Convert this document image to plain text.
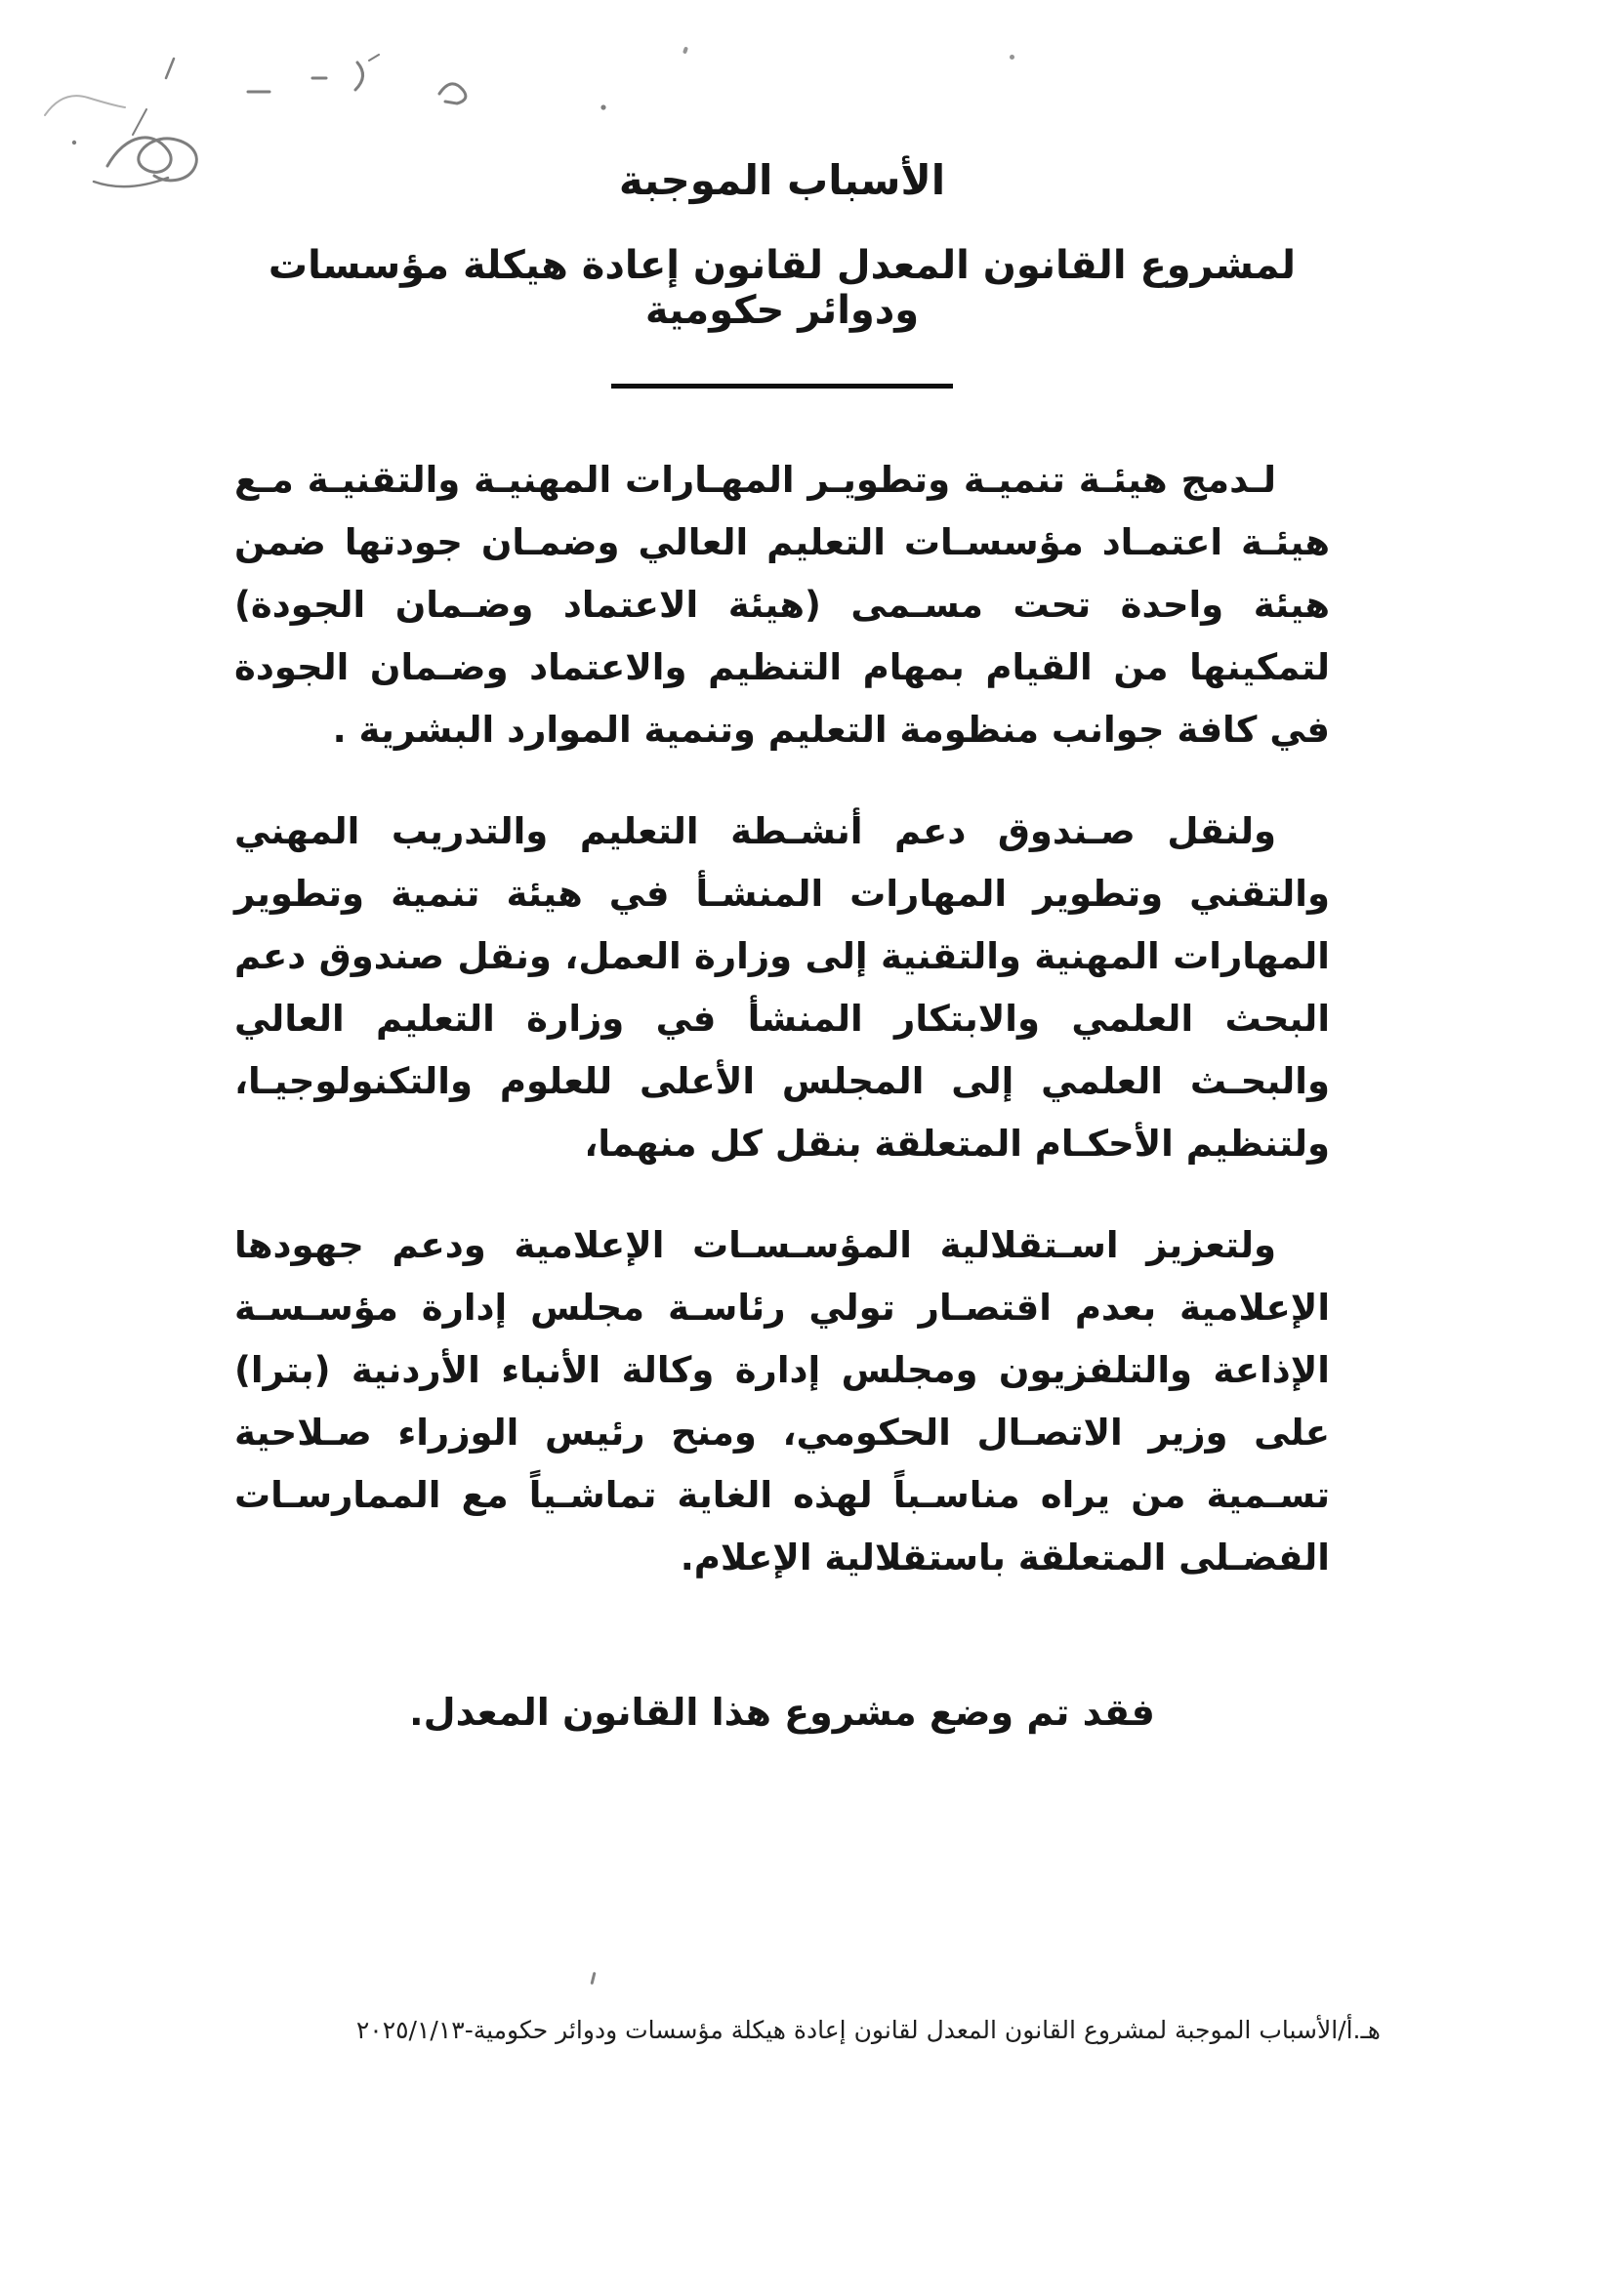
الأسباب الموجبة
لمشروع القانون المعدل لقانون إعادة هيكلة مؤسسات ودوائر حكومية

لـدمج هيئـة تنميـة وتطويـر المهـارات المهنيـة والتقنيـة مـع هيئـة اعتمـاد مؤسسـات التعليم العالي وضمـان جودتها ضمن هيئة واحدة تحت مسـمى (هيئة الاعتماد وضـمان الجودة) لتمكينها من القيام بمهام التنظيم والاعتماد وضـمان الجودة في كافة جوانب منظومة التعليم وتنمية الموارد البشرية .

ولنقل صـندوق دعم أنشـطة التعليم والتدريب المهني والتقني وتطوير المهارات المنشـأ في هيئة تنمية وتطوير المهارات المهنية والتقنية إلى وزارة العمل، ونقل صندوق دعم البحث العلمي والابتكار المنشأ في وزارة التعليم العالي والبحـث العلمي إلى المجلس الأعلى للعلوم والتكنولوجيـا، ولتنظيم الأحكـام المتعلقة بنقل كل منهما،

ولتعزيز اسـتقلالية المؤسـسـات الإعلامية ودعم جهودها الإعلامية بعدم اقتصـار تولي رئاسـة مجلس إدارة مؤسـسـة الإذاعة والتلفزيون ومجلس إدارة وكالة الأنباء الأردنية (بترا) على وزير الاتصـال الحكومي، ومنح رئيس الوزراء صـلاحية تسـمية من يراه مناسـباً لهذه الغاية تماشـياً مع الممارسـات الفضـلى المتعلقة باستقلالية الإعلام.

فقد تم وضع مشروع هذا القانون المعدل.

هـ.أ/الأسباب الموجبة لمشروع القانون المعدل لقانون إعادة هيكلة مؤسسات ودوائر حكومية-٢٠٢٥/١/١٣
